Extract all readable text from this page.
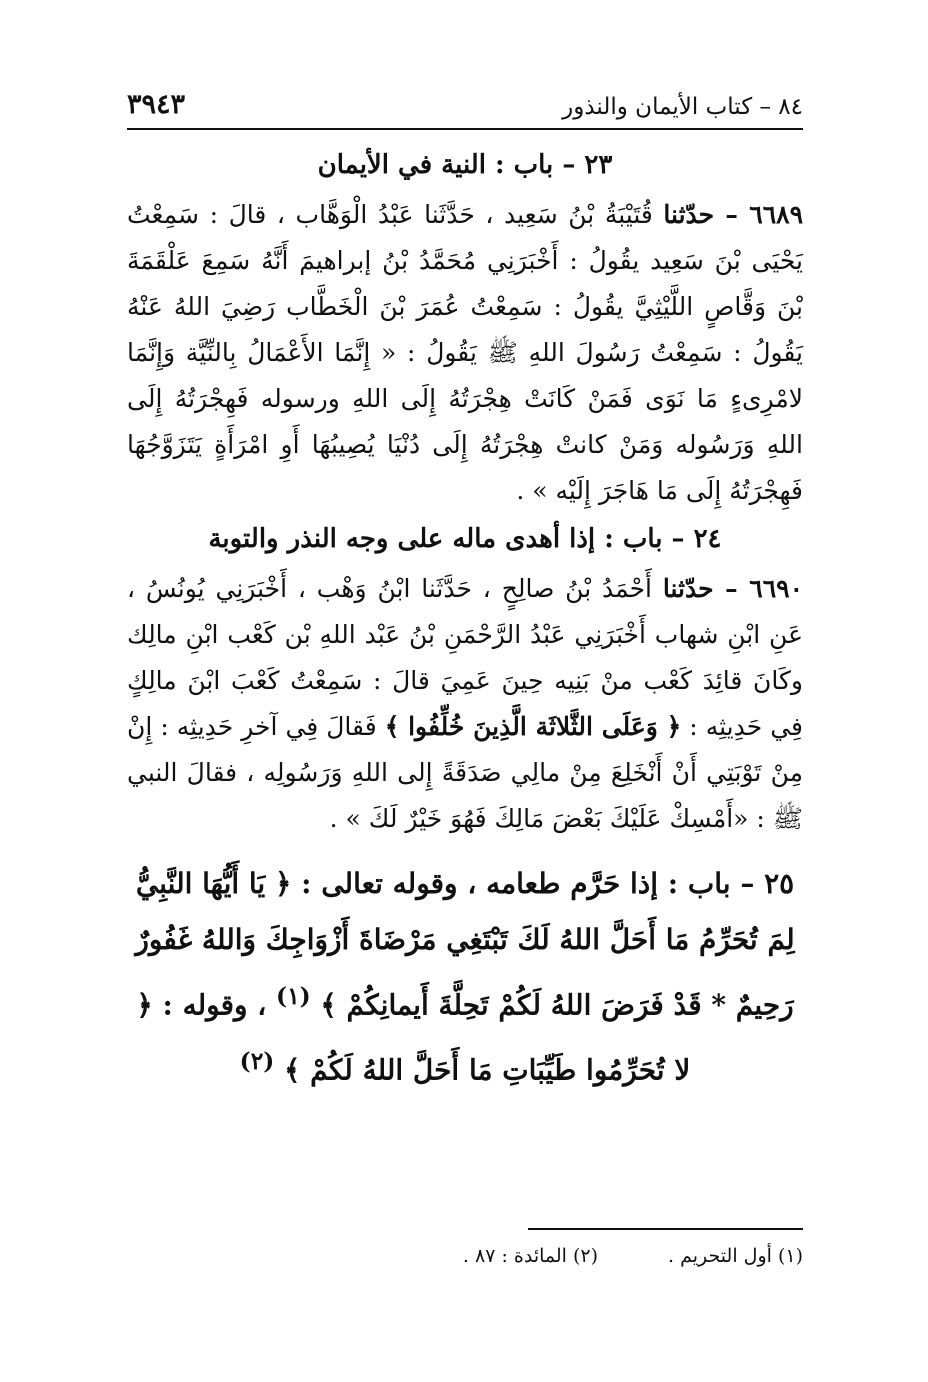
٨٤ – كتاب الأيمان والنذور
٣٩٤٣
٢٣ – باب : النية في الأيمان

٦٦٨٩ – حدّثنا قُتَيْبَةُ بْنُ سَعِيد ، حَدَّثَنا عَبْدُ الْوَهَّاب ، قالَ : سَمِعْتُ يَحْيَى بْنَ سَعِيد يقُولُ : أَخْبَرَنِي مُحَمَّدُ بْنُ إبراهيمَ أَنَّهُ سَمِعَ عَلْقَمَةَ بْنَ وَقَّاصٍ اللَّيْثِيَّ يقُولُ : سَمِعْتُ عُمَرَ بْنَ الْخَطَّاب رَضِيَ اللهُ عَنْهُ يَقُولُ : سَمِعْتُ رَسُولَ اللهِ ﷺ يَقُولُ : « إِنَّمَا الأَعْمَالُ بِالنِّيَّة وَإِنَّمَا لامْرِىءٍ مَا نَوَى فَمَنْ كَانَتْ هِجْرَتُهُ إِلَى اللهِ ورسوله فَهِجْرَتُهُ إِلَى اللهِ وَرَسُوله وَمَنْ كانتْ هِجْرَتُهُ إِلَى دُنْيَا يُصِيبُهَا أَوِ امْرَأَةٍ يَتَزَوَّجُهَا فَهِجْرَتُهُ إِلَى مَا هَاجَرَ إِلَيْه » .

٢٤ – باب : إذا أهدى ماله على وجه النذر والتوبة

٦٦٩٠ – حدّثنا أَحْمَدُ بْنُ صالِحٍ ، حَدَّثَنا ابْنُ وَهْب ، أَخْبَرَنِي يُونُسُ ، عَنِ ابْنِ شهاب أَخْبَرَنِي عَبْدُ الرَّحْمَنِ بْنُ عَبْد اللهِ بْن كَعْب ابْنِ مالِك وكَانَ قائِدَ كَعْب منْ بَنِيه حِينَ عَمِيَ قالَ : سَمِعْتُ كَعْبَ ابْنَ مالِكٍ فِي حَدِيثِه : ﴿ وَعَلَى الثَّلاثَة الَّذِينَ خُلِّفُوا ﴾ فَقالَ فِي آخرِ حَدِيثِه : إِنْ مِنْ تَوْبَتِي أَنْ أَنْخَلِعَ مِنْ مالِي صَدَقَةً إِلى اللهِ وَرَسُولِه ، فقالَ النبي ﷺ : «أَمْسِكْ عَلَيْكَ بَعْضَ مَالِكَ فَهُوَ خَيْرٌ لَكَ » .

٢٥ – باب : إذا حَرَّم طعامه ، وقوله تعالى : ﴿ يَا أَيُّهَا النَّبِيُّ لِمَ تُحَرِّمُ مَا أَحَلَّ اللهُ لَكَ تَبْتَغِي مَرْضَاةَ أَزْوَاجِكَ وَاللهُ غَفُورٌ رَحِيمٌ * قَدْ فَرَضَ اللهُ لَكُمْ تَحِلَّةَ أَيمانِكُمْ ﴾ $^{(١)}$ ، وقوله : ﴿ لا تُحَرِّمُوا طَيِّبَاتِ مَا أَحَلَّ اللهُ لَكُمْ ﴾ $^{(٢)}$
(١) أول التحريم .
(٢) المائدة : ٨٧ .
